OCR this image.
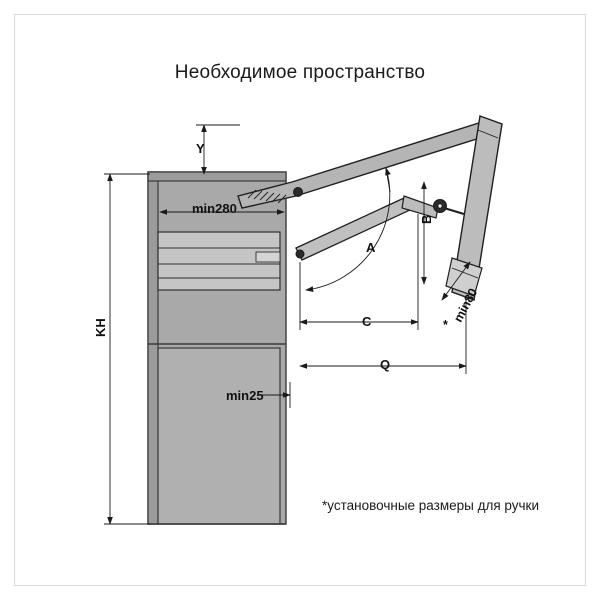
Необходимое пространство
min280
min25
Y
KH
A
B
C
Q
min80
*
*установочные размеры для ручки
